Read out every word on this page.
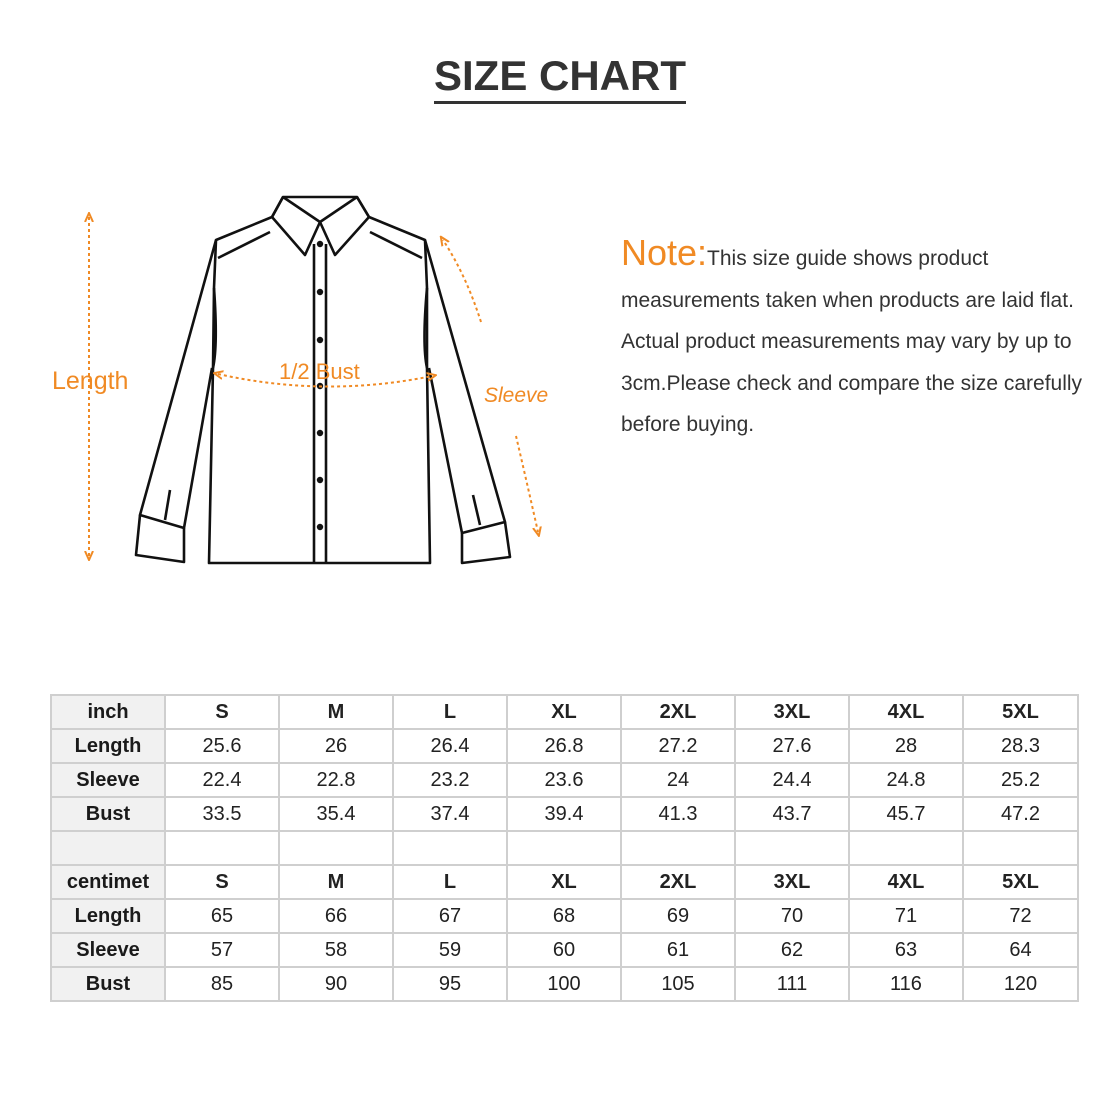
SIZE CHART
Length	1/2 Bust
Sleeve
Note:This size guide shows product measurements taken when products are laid flat. Actual product measurements may vary by up to 3cm.Please check and compare the size carefully before buying.
inch	S	M	L	XL	2XL	3XL	4XL	5XL
Length	25.6	26	26.4	26.8	27.2	27.6	28	28.3
Sleeve	22.4	22.8	23.2	23.6	24	24.4	24.8	25.2
Bust	33.5	35.4	37.4	39.4	41.3	43.7	45.7	47.2

centimet	S	M	L	XL	2XL	3XL	4XL	5XL
Length	65	66	67	68	69	70	71	72
Sleeve	57	58	59	60	61	62	63	64
Bust	85	90	95	100	105	111	116	120
